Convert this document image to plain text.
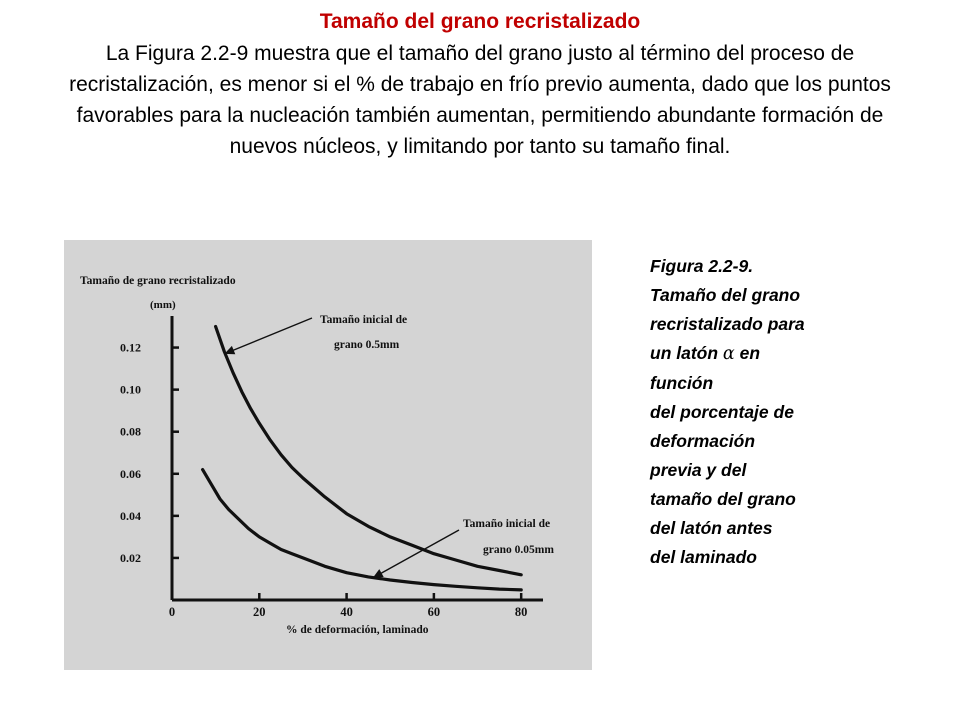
Tamaño del grano recristalizado

La Figura 2.2-9 muestra que el tamaño del grano justo al término del proceso de recristalización, es menor si el % de trabajo en frío previo aumenta, dado que los puntos favorables para la nucleación también aumentan, permitiendo abundante formación de nuevos núcleos, y limitando por tanto su tamaño final.

Tamaño de grano recristalizado
(mm)
% de deformación, laminado
0.02
0.04
0.06
0.08
0.10
0.12
0	20	40	60	80
Tamaño inicial de
grano 0.5mm
Tamaño inicial de
grano 0.05mm
Figura 2.2-9.
Tamaño del grano
recristalizado para
un latón α en
función
del porcentaje de
deformación
previa y del
tamaño del grano
del latón antes
del laminado
